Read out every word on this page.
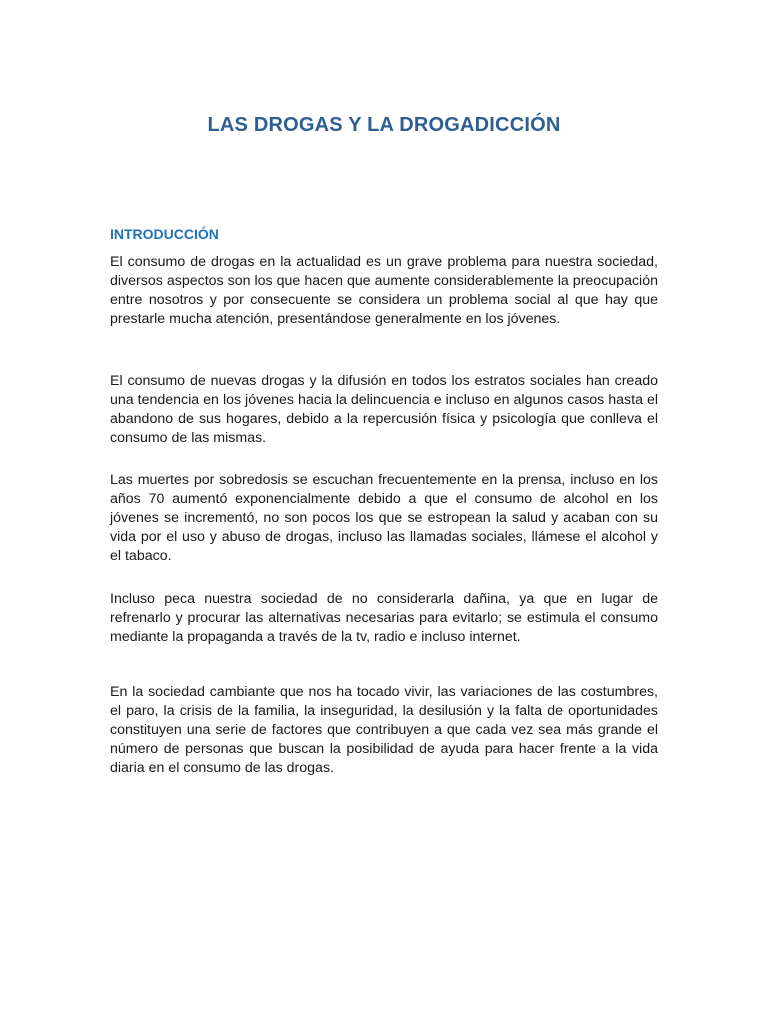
LAS DROGAS Y LA DROGADICCIÓN
INTRODUCCIÓN

El consumo de drogas en la actualidad es un grave problema para nuestra sociedad, diversos aspectos son los que hacen que aumente considerablemente la preocupación entre nosotros y por consecuente se considera un problema social al que hay que prestarle mucha atención, presentándose generalmente en los jóvenes.

El consumo de nuevas drogas y la difusión en todos los estratos sociales han creado una tendencia en los jóvenes hacia la delincuencia e incluso en algunos casos hasta el abandono de sus hogares, debido a la repercusión física y psicología que conlleva el consumo de las mismas.

Las muertes por sobredosis se escuchan frecuentemente en la prensa, incluso en los años 70 aumentó exponencialmente debido a que el consumo de alcohol en los jóvenes se incrementó, no son pocos los que se estropean la salud y acaban con su vida por el uso y abuso de drogas, incluso las llamadas sociales, llámese el alcohol y el tabaco.

Incluso peca nuestra sociedad de no considerarla dañina, ya que en lugar de refrenarlo y procurar las alternativas necesarias para evitarlo; se estimula el consumo mediante la propaganda a través de la tv, radio e incluso internet.

En la sociedad cambiante que nos ha tocado vivir, las variaciones de las costumbres, el paro, la crisis de la familia, la inseguridad, la desilusión y la falta de oportunidades constituyen una serie de factores que contribuyen a que cada vez sea más grande el número de personas que buscan la posibilidad de ayuda para hacer frente a la vida diaria en el consumo de las drogas.
